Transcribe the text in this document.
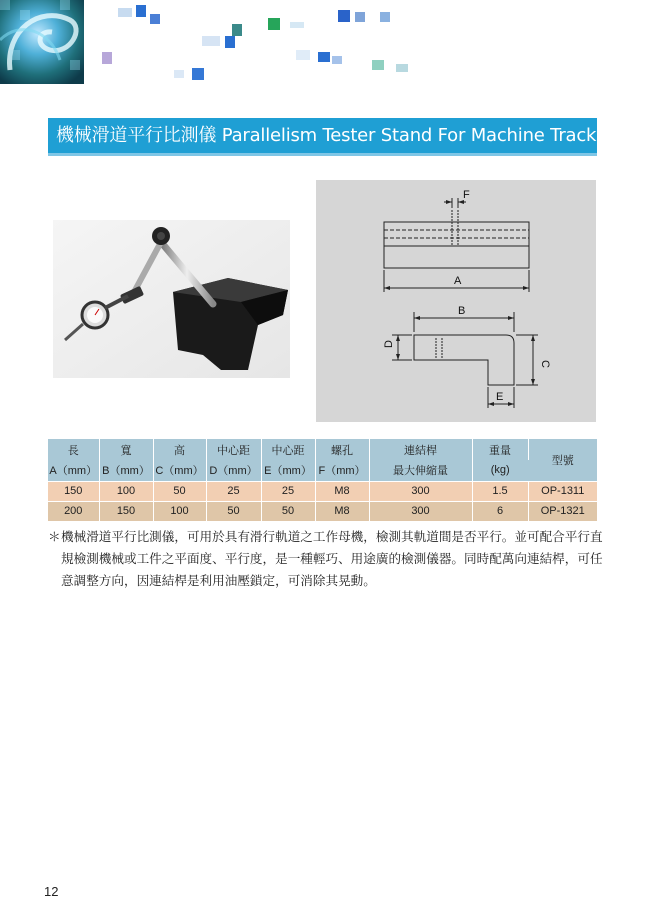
機械滑道平行比測儀 Parallelism Tester Stand For Machine Track
F
A
B
C
D
E
長	寬	高	中心距	中心距	螺孔	連結桿	重量	型號
A（mm）	B（mm）	C（mm）	D（mm）	E（mm）	F（mm）	最大伸縮量	(kg)	
150	100	50	25	25	M8	300	1.5	OP-1311
200	150	100	50	50	M8	300	6	OP-1321
＊ 機械滑道平行比測儀，可用於具有滑行軌道之工作母機，檢測其軌道間是否平行。並可配合平行直規檢測機械或工件之平面度、平行度，是一種輕巧、用途廣的檢測儀器。同時配萬向連結桿，可任意調整方向，因連結桿是利用油壓鎖定，可消除其晃動。
12
